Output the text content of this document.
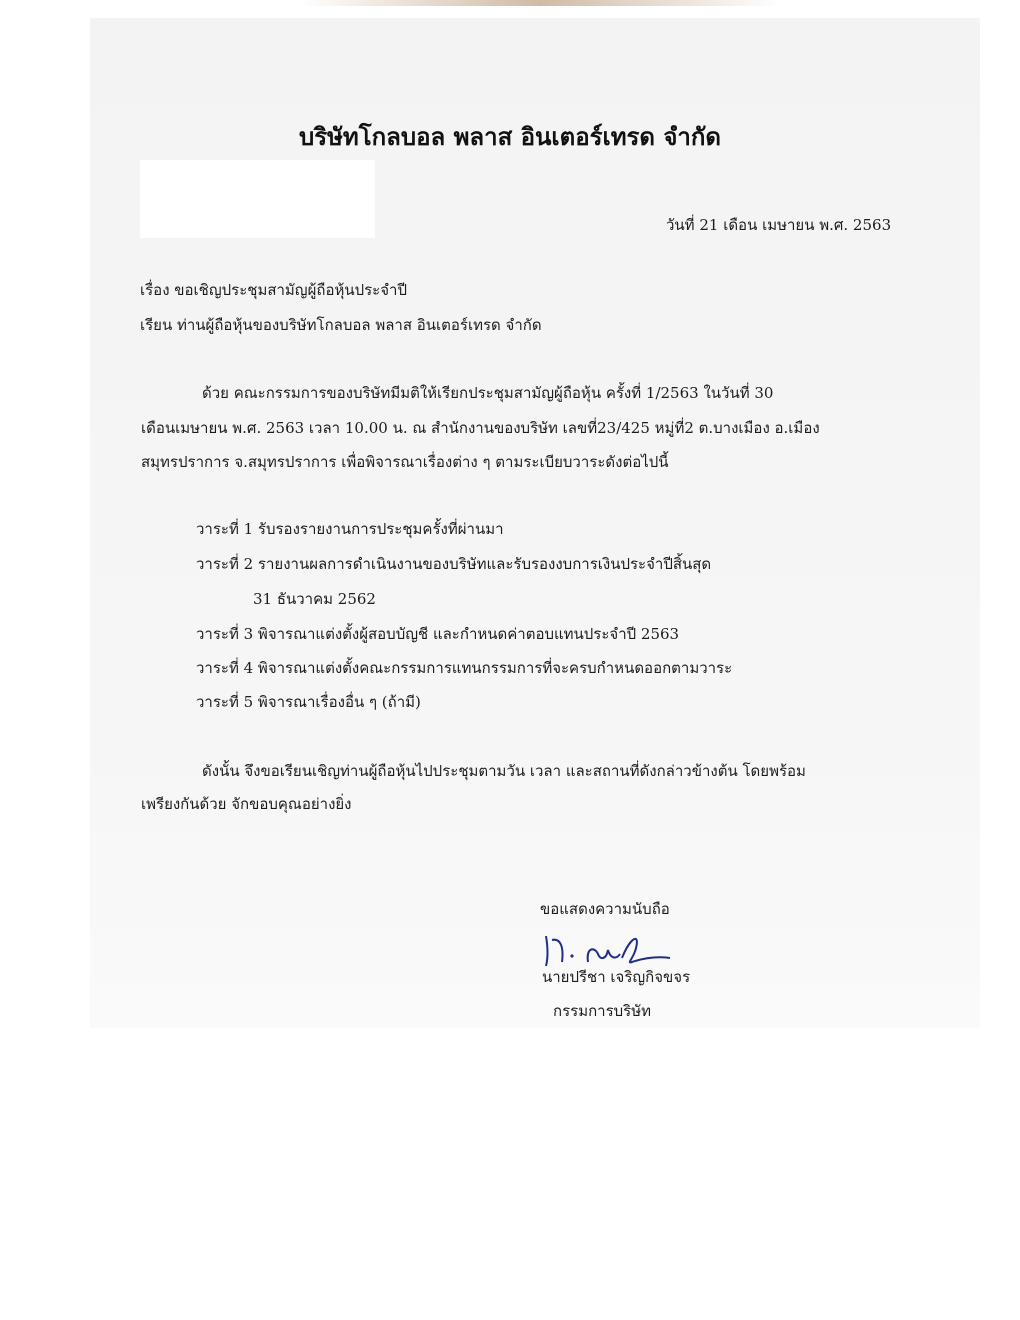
บริษัทโกลบอล พลาส อินเตอร์เทรด จำกัด
วันที่ 21 เดือน เมษายน พ.ศ. 2563
เรื่อง ขอเชิญประชุมสามัญผู้ถือหุ้นประจำปี
เรียน ท่านผู้ถือหุ้นของบริษัทโกลบอล พลาส อินเตอร์เทรด จำกัด
ด้วย คณะกรรมการของบริษัทมีมติให้เรียกประชุมสามัญผู้ถือหุ้น ครั้งที่ 1/2563 ในวันที่ 30
เดือนเมษายน พ.ศ. 2563 เวลา 10.00 น. ณ สำนักงานของบริษัท เลขที่23/425 หมู่ที่2 ต.บางเมือง อ.เมือง
สมุทรปราการ จ.สมุทรปราการ เพื่อพิจารณาเรื่องต่าง ๆ ตามระเบียบวาระดังต่อไปนี้
วาระที่ 1 รับรองรายงานการประชุมครั้งที่ผ่านมา
วาระที่ 2 รายงานผลการดำเนินงานของบริษัทและรับรองงบการเงินประจำปีสิ้นสุด
31 ธันวาคม 2562
วาระที่ 3 พิจารณาแต่งตั้งผู้สอบบัญชี และกำหนดค่าตอบแทนประจำปี 2563
วาระที่ 4 พิจารณาแต่งตั้งคณะกรรมการแทนกรรมการที่จะครบกำหนดออกตามวาระ
วาระที่ 5 พิจารณาเรื่องอื่น ๆ (ถ้ามี)
ดังนั้น จึงขอเรียนเชิญท่านผู้ถือหุ้นไปประชุมตามวัน เวลา และสถานที่ดังกล่าวข้างต้น โดยพร้อม
เพรียงกันด้วย จักขอบคุณอย่างยิ่ง
ขอแสดงความนับถือ
นายปรีชา เจริญกิจขจร
กรรมการบริษัท
